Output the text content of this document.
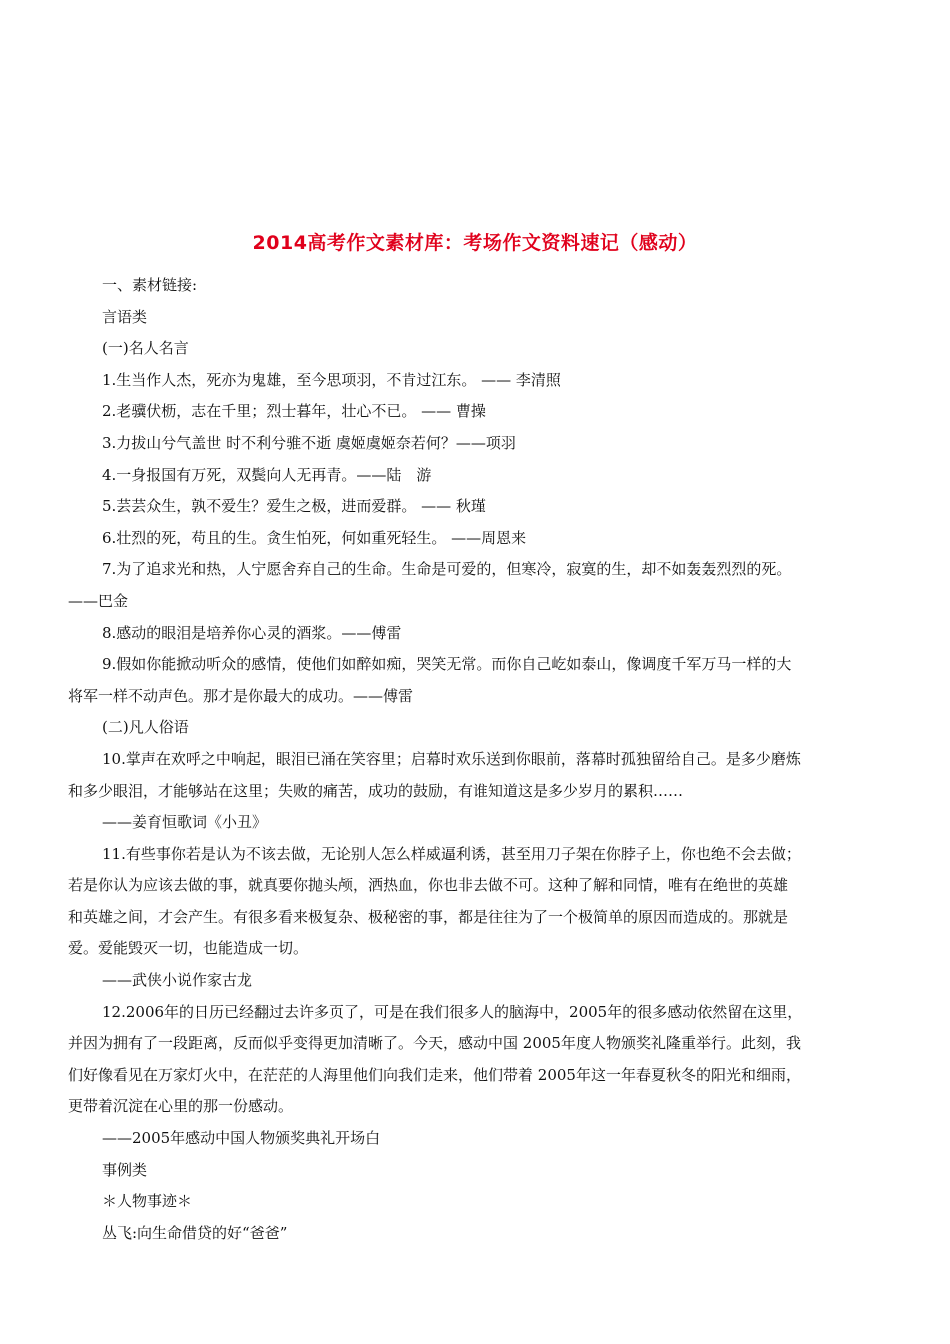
2014高考作文素材库：考场作文资料速记（感动）

一、素材链接:

言语类

(一)名人名言

1.生当作人杰，死亦为鬼雄，至今思项羽，不肯过江东。 —— 李清照

2.老骥伏枥，志在千里；烈士暮年，壮心不已。 —— 曹操

3.力拔山兮气盖世 时不利兮骓不逝 虞姬虞姬奈若何？——项羽

4.一身报国有万死，双鬓向人无再青。——陆　游

5.芸芸众生，孰不爱生？爱生之极，进而爱群。 —— 秋瑾

6.壮烈的死，苟且的生。贪生怕死，何如重死轻生。 ——周恩来

7.为了追求光和热，人宁愿舍弃自己的生命。生命是可爱的，但寒冷，寂寞的生，却不如轰轰烈烈的死。

——巴金

8.感动的眼泪是培养你心灵的酒浆。——傅雷

9.假如你能掀动听众的感情，使他们如醉如痴，哭笑无常。而你自己屹如泰山，像调度千军万马一样的大

将军一样不动声色。那才是你最大的成功。——傅雷

(二)凡人俗语

10.掌声在欢呼之中响起，眼泪已涌在笑容里；启幕时欢乐送到你眼前，落幕时孤独留给自己。是多少磨炼

和多少眼泪，才能够站在这里；失败的痛苦，成功的鼓励，有谁知道这是多少岁月的累积……

——姜育恒歌词《小丑》

11.有些事你若是认为不该去做，无论别人怎么样威逼利诱，甚至用刀子架在你脖子上，你也绝不会去做；

若是你认为应该去做的事，就真要你抛头颅，洒热血，你也非去做不可。这种了解和同情，唯有在绝世的英雄

和英雄之间，才会产生。有很多看来极复杂、极秘密的事，都是往往为了一个极简单的原因而造成的。那就是

爱。爱能毁灭一切，也能造成一切。

——武侠小说作家古龙

12.2006年的日历已经翻过去许多页了，可是在我们很多人的脑海中，2005年的很多感动依然留在这里，

并因为拥有了一段距离，反而似乎变得更加清晰了。今天，感动中国 2005年度人物颁奖礼隆重举行。此刻，我

们好像看见在万家灯火中，在茫茫的人海里他们向我们走来，他们带着 2005年这一年春夏秋冬的阳光和细雨，

更带着沉淀在心里的那一份感动。

——2005年感动中国人物颁奖典礼开场白

事例类

＊人物事迹＊

丛飞:向生命借贷的好“爸爸”
